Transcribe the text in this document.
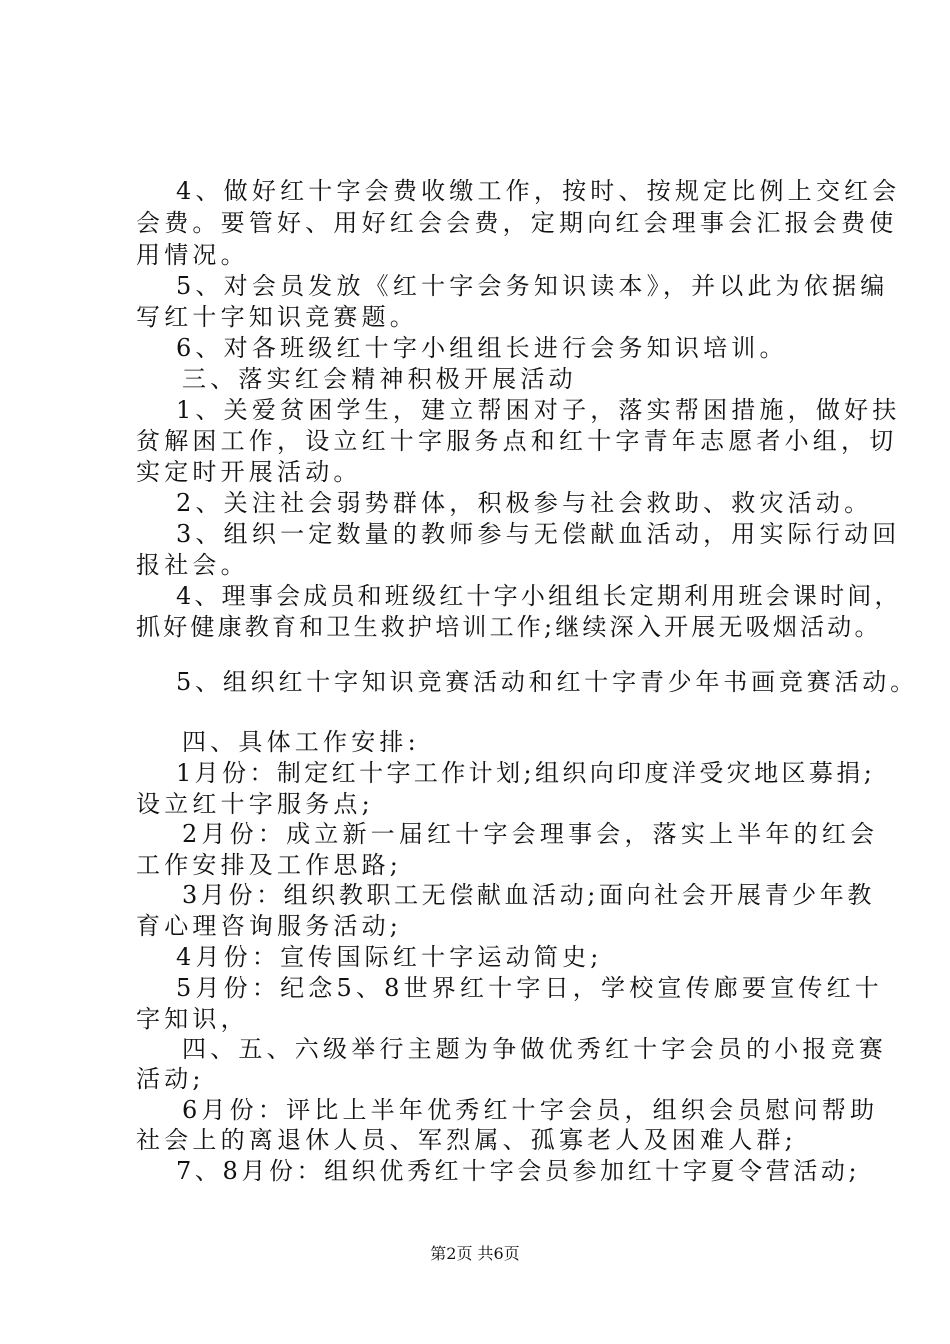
4、做好红十字会费收缴工作，按时、按规定比例上交红会
会费。要管好、用好红会会费，定期向红会理事会汇报会费使
用情况。
5、对会员发放《红十字会务知识读本》，并以此为依据编
写红十字知识竞赛题。
6、对各班级红十字小组组长进行会务知识培训。
三、落实红会精神积极开展活动
1、关爱贫困学生，建立帮困对子，落实帮困措施，做好扶
贫解困工作，设立红十字服务点和红十字青年志愿者小组，切
实定时开展活动。
2、关注社会弱势群体，积极参与社会救助、救灾活动。
3、组织一定数量的教师参与无偿献血活动，用实际行动回
报社会。
4、理事会成员和班级红十字小组组长定期利用班会课时间，
抓好健康教育和卫生救护培训工作;继续深入开展无吸烟活动。
5、组织红十字知识竞赛活动和红十字青少年书画竞赛活动。
四、具体工作安排:
1月份：制定红十字工作计划;组织向印度洋受灾地区募捐;
设立红十字服务点;
2月份：成立新一届红十字会理事会，落实上半年的红会
工作安排及工作思路;
3月份：组织教职工无偿献血活动;面向社会开展青少年教
育心理咨询服务活动;
4月份：宣传国际红十字运动简史;
5月份：纪念5、8世界红十字日，学校宣传廊要宣传红十
字知识，
四、五、六级举行主题为争做优秀红十字会员的小报竞赛
活动;
6月份：评比上半年优秀红十字会员，组织会员慰问帮助
社会上的离退休人员、军烈属、孤寡老人及困难人群;
7、8月份：组织优秀红十字会员参加红十字夏令营活动;
第2页 共6页
